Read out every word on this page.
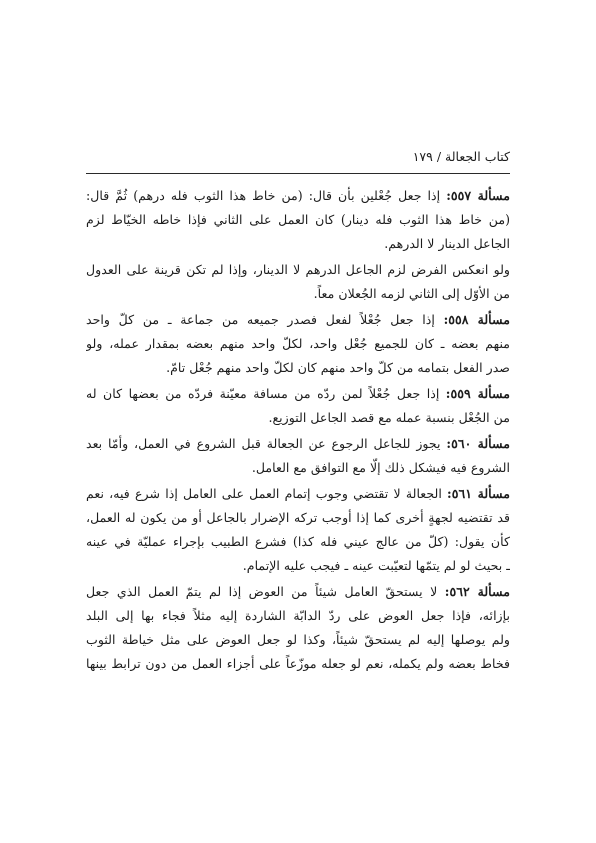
كتاب الجعالة / ١٧٩

مسألة ٥٥٧: إذا جعل جُعْلين بأن قال: (من خاط هذا الثوب فله درهم) ثُمَّ قال:
(من خاط هذا الثوب فله دينار) كان العمل على الثاني فإذا خاطه الخيّاط لزم
الجاعل الدينار لا الدرهم.

ولو انعكس الفرض لزم الجاعل الدرهم لا الدينار، وإذا لم تكن قرينة على العدول
من الأوّل إلى الثاني لزمه الجُعلان معاً.

مسألة ٥٥٨: إذا جعل جُعْلاً لفعل فصدر جميعه من جماعة ـ من كلّ واحد
منهم بعضه ـ كان للجميع جُعْل واحد، لكلّ واحد منهم بعضه بمقدار عمله، ولو
صدر الفعل بتمامه من كلّ واحد منهم كان لكلّ واحد منهم جُعْل تامّ.

مسألة ٥٥٩: إذا جعل جُعْلاً لمن ردّه من مسافة معيّنة فردّه من بعضها كان له
من الجُعْل بنسبة عمله مع قصد الجاعل التوزيع.

مسألة ٥٦٠: يجوز للجاعل الرجوع عن الجعالة قبل الشروع في العمل، وأمّا بعد
الشروع فيه فيشكل ذلك إلّا مع التوافق مع العامل.

مسألة ٥٦١: الجعالة لا تقتضي وجوب إتمام العمل على العامل إذا شرع فيه، نعم
قد تقتضيه لجهةٍ أخرى كما إذا أوجب تركه الإضرار بالجاعل أو من يكون له العمل،
كأن يقول: (كلّ من عالج عيني فله كذا) فشرع الطبيب بإجراء عمليّة في عينه
ـ بحيث لو لم يتمّها لتعيّبت عينه ـ فيجب عليه الإتمام.

مسألة ٥٦٢: لا يستحقّ العامل شيئاً من العوض إذا لم يتمّ العمل الذي جعل
بإزائه، فإذا جعل العوض على ردّ الدابّة الشاردة إليه مثلاً فجاء بها إلى البلد
ولم يوصلها إليه لم يستحقّ شيئاً، وكذا لو جعل العوض على مثل خياطة الثوب
فخاط بعضه ولم يكمله، نعم لو جعله موزّعاً على أجزاء العمل من دون ترابط بينها
